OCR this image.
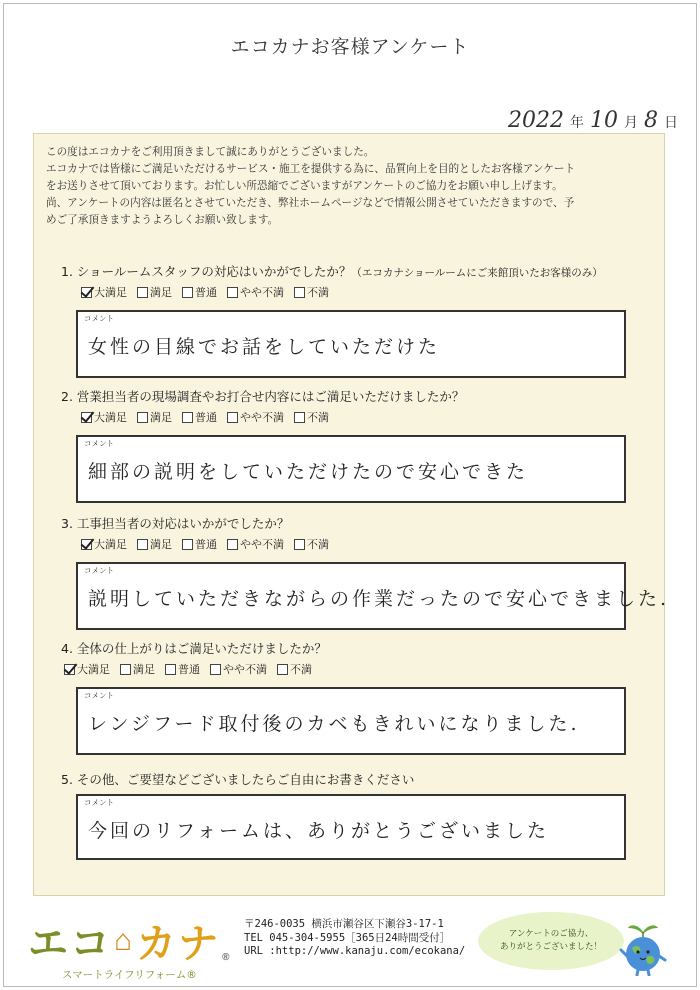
エコカナお客様アンケート
2022 年 10 月 8 日
この度はエコカナをご利用頂きまして誠にありがとうございました。
エコカナでは皆様にご満足いただけるサービス・施工を提供する為に、品質向上を目的としたお客様アンケート
をお送りさせて頂いております。お忙しい所恐縮でございますがアンケートのご協力をお願い申し上げます。
尚、アンケートの内容は匿名とさせていただき、弊社ホームページなどで情報公開させていただきますので、予
めご了承頂きますようよろしくお願い致します。
1. ショールームスタッフの対応はいかがでしたか？（エコカナショールームにご来館頂いたお客様のみ）
大満足 満足 普通 やや不満 不満
コメント
女性の目線でお話をしていただけた
2. 営業担当者の現場調査やお打合せ内容にはご満足いただけましたか？
大満足 満足 普通 やや不満 不満
コメント
細部の説明をしていただけたので安心できた
3. 工事担当者の対応はいかがでしたか？
大満足 満足 普通 やや不満 不満
コメント
説明していただきながらの作業だったので安心できました.
4. 全体の仕上がりはご満足いただけましたか？
大満足 満足 普通 やや不満 不満
コメント
レンジフード取付後のカベもきれいになりました.
5. その他、ご要望などございましたらご自由にお書きください
コメント
今回のリフォームは、ありがとうございました
エコ ⌂ カナ ®
スマートライフリフォーム®
〒246-0035 横浜市瀬谷区下瀬谷3-17-1
TEL 045-304-5955［365日24時間受付］
URL :http://www.kanaju.com/ecokana/
アンケートのご協力、
ありがとうございました！
